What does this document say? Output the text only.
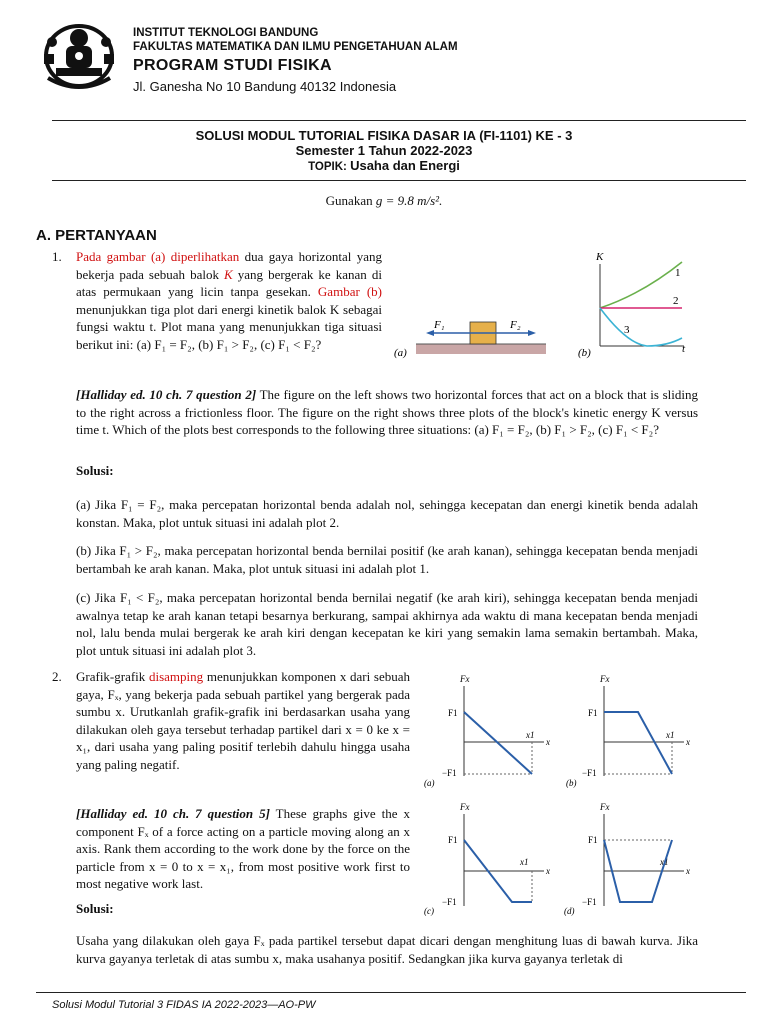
INSTITUT TEKNOLOGI BANDUNG
FAKULTAS MATEMATIKA DAN ILMU PENGETAHUAN ALAM
PROGRAM STUDI FISIKA
Jl. Ganesha No 10 Bandung 40132 Indonesia
SOLUSI MODUL TUTORIAL FISIKA DASAR IA (FI-1101) KE - 3
Semester 1 Tahun 2022-2023
TOPIK: Usaha dan Energi
Gunakan g = 9.8 m/s².
A. PERTANYAAN
1. Pada gambar (a) diperlihatkan dua gaya horizontal yang bekerja pada sebuah balok K yang bergerak ke kanan di atas permukaan yang licin tanpa gesekan. Gambar (b) menunjukkan tiga plot dari energi kinetik balok K sebagai fungsi waktu t. Plot mana yang menunjukkan tiga situasi berikut ini: (a) F₁ = F₂, (b) F₁ > F₂, (c) F₁ < F₂?
(a)
F₁	F₂
(b)
K
t
1
2
3
[Halliday ed. 10 ch. 7 question 2] The figure on the left shows two horizontal forces that act on a block that is sliding to the right across a frictionless floor. The figure on the right shows three plots of the block's kinetic energy K versus time t. Which of the plots best corresponds to the following three situations: (a) F₁ = F₂, (b) F₁ > F₂, (c) F₁ < F₂?
Solusi:
(a) Jika F₁ = F₂, maka percepatan horizontal benda adalah nol, sehingga kecepatan dan energi kinetik benda adalah konstan. Maka, plot untuk situasi ini adalah plot 2.
(b) Jika F₁ > F₂, maka percepatan horizontal benda bernilai positif (ke arah kanan), sehingga kecepatan benda menjadi bertambah ke arah kanan. Maka, plot untuk situasi ini adalah plot 1.
(c) Jika F₁ < F₂, maka percepatan horizontal benda bernilai negatif (ke arah kiri), sehingga kecepatan benda menjadi awalnya tetap ke arah kanan tetapi besarnya berkurang, sampai akhirnya ada waktu di mana kecepatan benda menjadi nol, lalu benda mulai bergerak ke arah kiri dengan kecepatan ke kiri yang semakin lama semakin bertambah. Maka, plot untuk situasi ini adalah plot 3.
2. Grafik-grafik disamping menunjukkan komponen x dari sebuah gaya, Fₓ, yang bekerja pada sebuah partikel yang bergerak pada sumbu x. Urutkanlah grafik-grafik ini berdasarkan usaha yang dilakukan oleh gaya tersebut terhadap partikel dari x = 0 ke x = x₁, dari usaha yang paling positif terlebih dahulu hingga usaha yang paling negatif.
[Halliday ed. 10 ch. 7 question 5] These graphs give the x component Fₓ of a force acting on a particle moving along an x axis. Rank them according to the work done by the force on the particle from x = 0 to x = x₁, from most positive work first to most negative work last.
Solusi:
Fx
F1
−F1
x1
x
(a)
Fx
F1
−F1
x1
x
(b)
Fx
F1
−F1
x1
x
(c)
Fx
F1
−F1
x1
x
(d)
Usaha yang dilakukan oleh gaya Fₓ pada partikel tersebut dapat dicari dengan menghitung luas di bawah kurva. Jika kurva gayanya terletak di atas sumbu x, maka usahanya positif. Sedangkan jika kurva gayanya terletak di
Solusi Modul Tutorial 3 FIDAS IA 2022-2023—AO-PW
